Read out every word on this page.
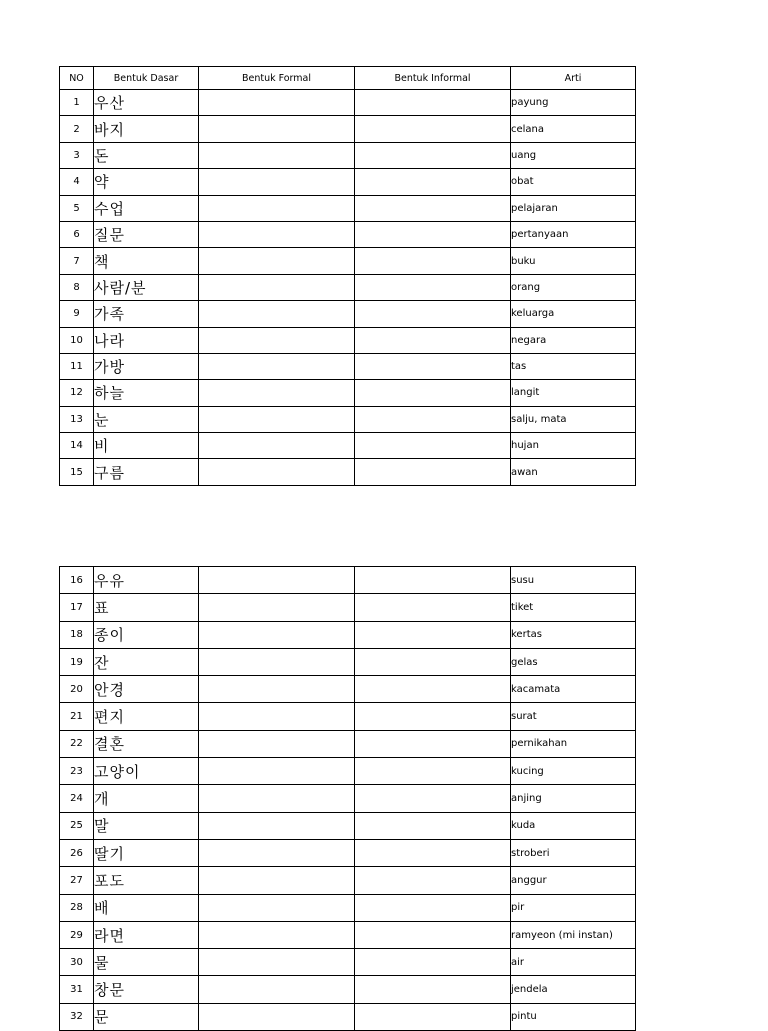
NO	Bentuk Dasar	Bentuk Formal	Bentuk Informal	Arti
1	우산			payung
2	바지			celana
3	돈			uang
4	약			obat
5	수업			pelajaran
6	질문			pertanyaan
7	책			buku
8	사람/분			orang
9	가족			keluarga
10	나라			negara
11	가방			tas
12	하늘			langit
13	눈			salju, mata
14	비			hujan
15	구름			awan
16	우유			susu
17	표			tiket
18	종이			kertas
19	잔			gelas
20	안경			kacamata
21	편지			surat
22	결혼			pernikahan
23	고양이			kucing
24	개			anjing
25	말			kuda
26	딸기			stroberi
27	포도			anggur
28	배			pir
29	라면			ramyeon (mi instan)
30	물			air
31	창문			jendela
32	문			pintu
